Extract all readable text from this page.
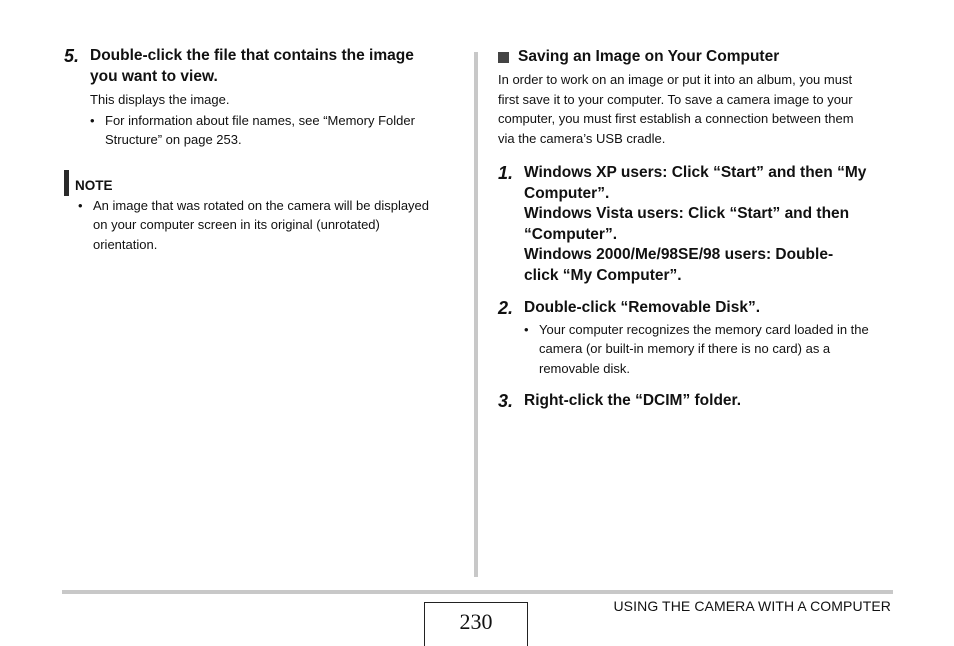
5. Double-click the file that contains the image
you want to view.
This displays the image.
• For information about file names, see “Memory Folder
Structure” on page 253.
NOTE
• An image that was rotated on the camera will be displayed
on your computer screen in its original (unrotated)
orientation.
Saving an Image on Your Computer
In order to work on an image or put it into an album, you must
first save it to your computer. To save a camera image to your
computer, you must first establish a connection between them
via the camera’s USB cradle.
1. Windows XP users: Click “Start” and then “My
Computer”.
Windows Vista users: Click “Start” and then
“Computer”.
Windows 2000/Me/98SE/98 users: Double-
click “My Computer”.
2. Double-click “Removable Disk”.
• Your computer recognizes the memory card loaded in the
camera (or built-in memory if there is no card) as a
removable disk.
3. Right-click the “DCIM” folder.
230
USING THE CAMERA WITH A COMPUTER
